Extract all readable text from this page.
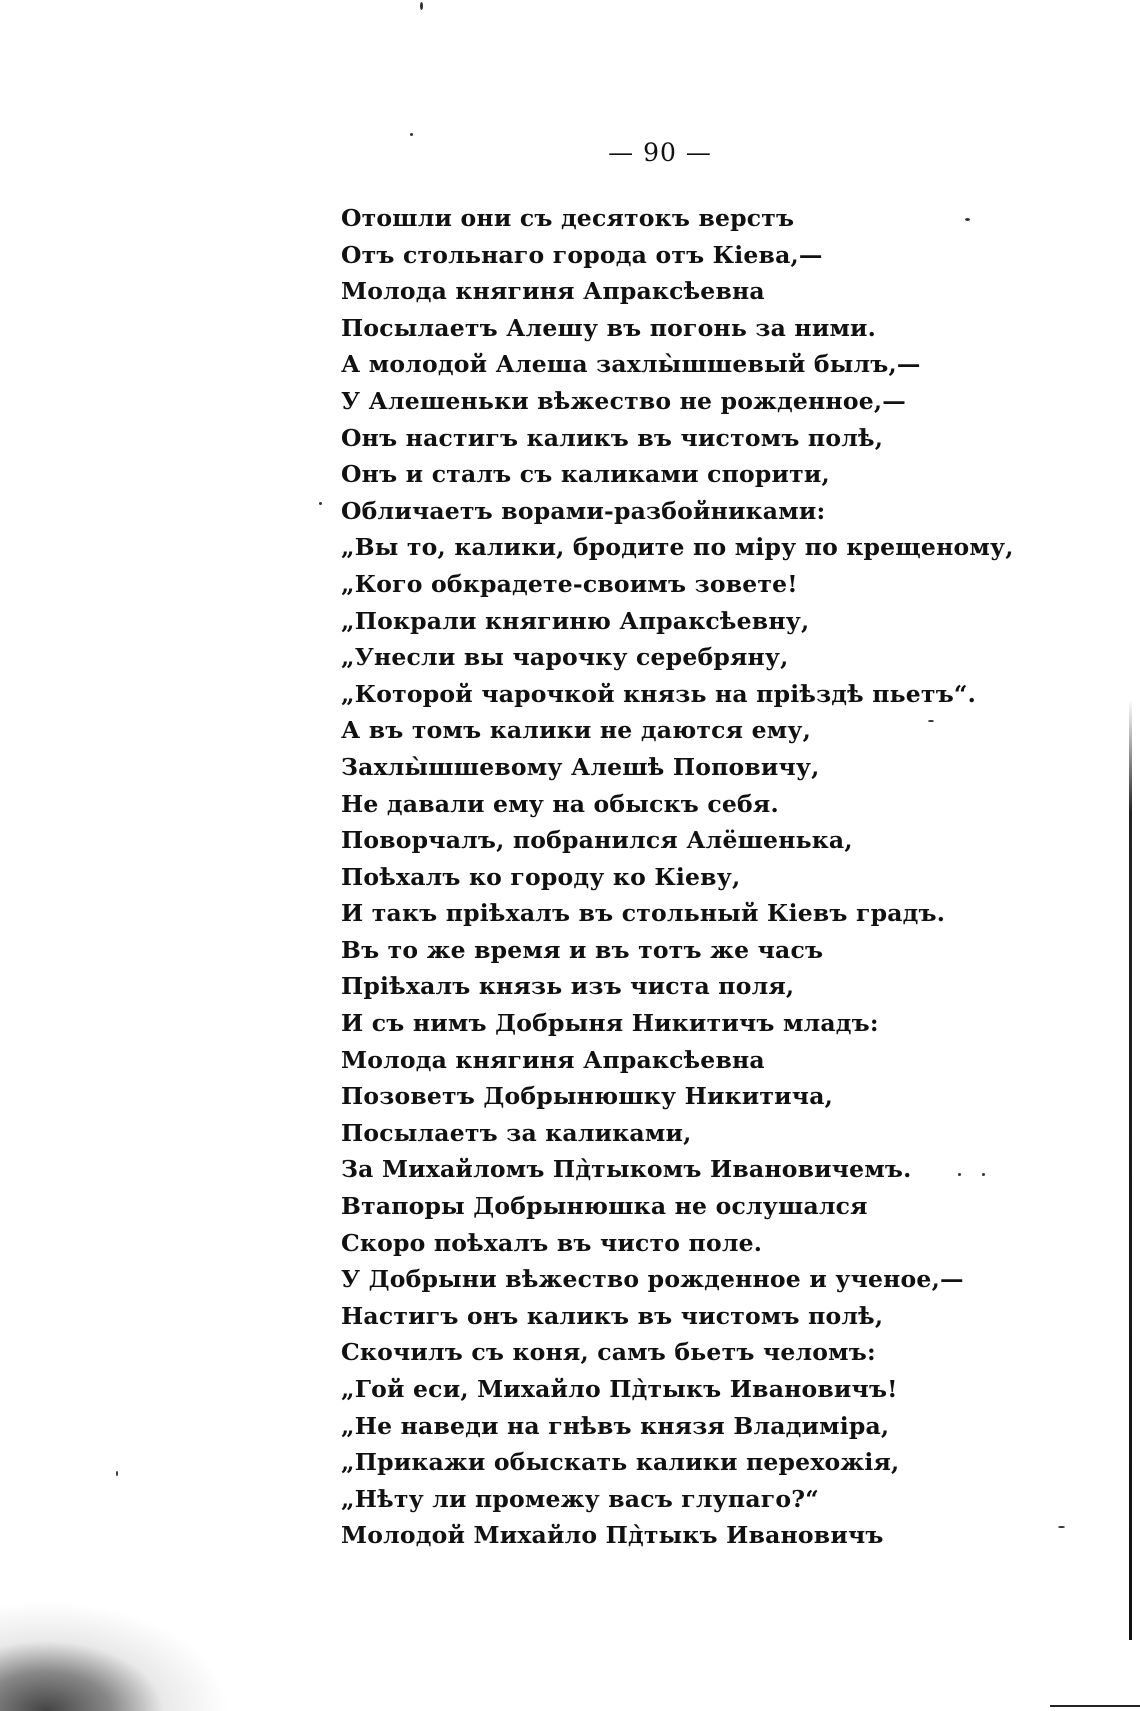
— 90 —
Отошли они съ десятокъ верстъ
Отъ стольнаго города отъ Кіева,—
Молода княгиня Апраксѣевна
Посылаетъ Алешу въ погонь за ними.
А молодой Алеша захлы̀шшевый былъ,—
У Алешеньки вѣжество не рожденное,—
Онъ настигъ каликъ въ чистомъ полѣ,
Онъ и сталъ съ каликами спорити,
Обличаетъ ворами-разбойниками:
„Вы то, калики, бродите по міру по крещеному,
„Кого обкрадете-своимъ зовете!
„Покрали княгиню Апраксѣевну,
„Унесли вы чарочку серебряну,
„Которой чарочкой князь на пріѣздѣ пьетъ“.
А въ томъ калики не даются ему,
Захлы̀шшевому Алешѣ Поповичу,
Не давали ему на обыскъ себя.
Поворчалъ, побранился Алёшенька,
Поѣхалъ ко городу ко Кіеву,
И такъ пріѣхалъ въ стольный Кіевъ градъ.
Въ то же время и въ тотъ же часъ
Пріѣхалъ князь изъ чиста поля,
И съ нимъ Добрыня Никитичъ младъ:
Молода княгиня Апраксѣевна
Позоветъ Добрынюшку Никитича,
Посылаетъ за каликами,
За Михайломъ Пд̀тыкомъ Ивановичемъ.
Втапоры Добрынюшка не ослушался
Скоро поѣхалъ въ чисто поле.
У Добрыни вѣжество рожденное и ученое,—
Настигъ онъ каликъ въ чистомъ полѣ,
Скочилъ съ коня, самъ бьетъ челомъ:
„Гой еси, Михайло Пд̀тыкъ Ивановичъ!
„Не наведи на гнѣвъ князя Владиміра,
„Прикажи обыскать калики перехожія,
„Нѣту ли промежу васъ глупаго?“
Молодой Михайло Пд̀тыкъ Ивановичъ
